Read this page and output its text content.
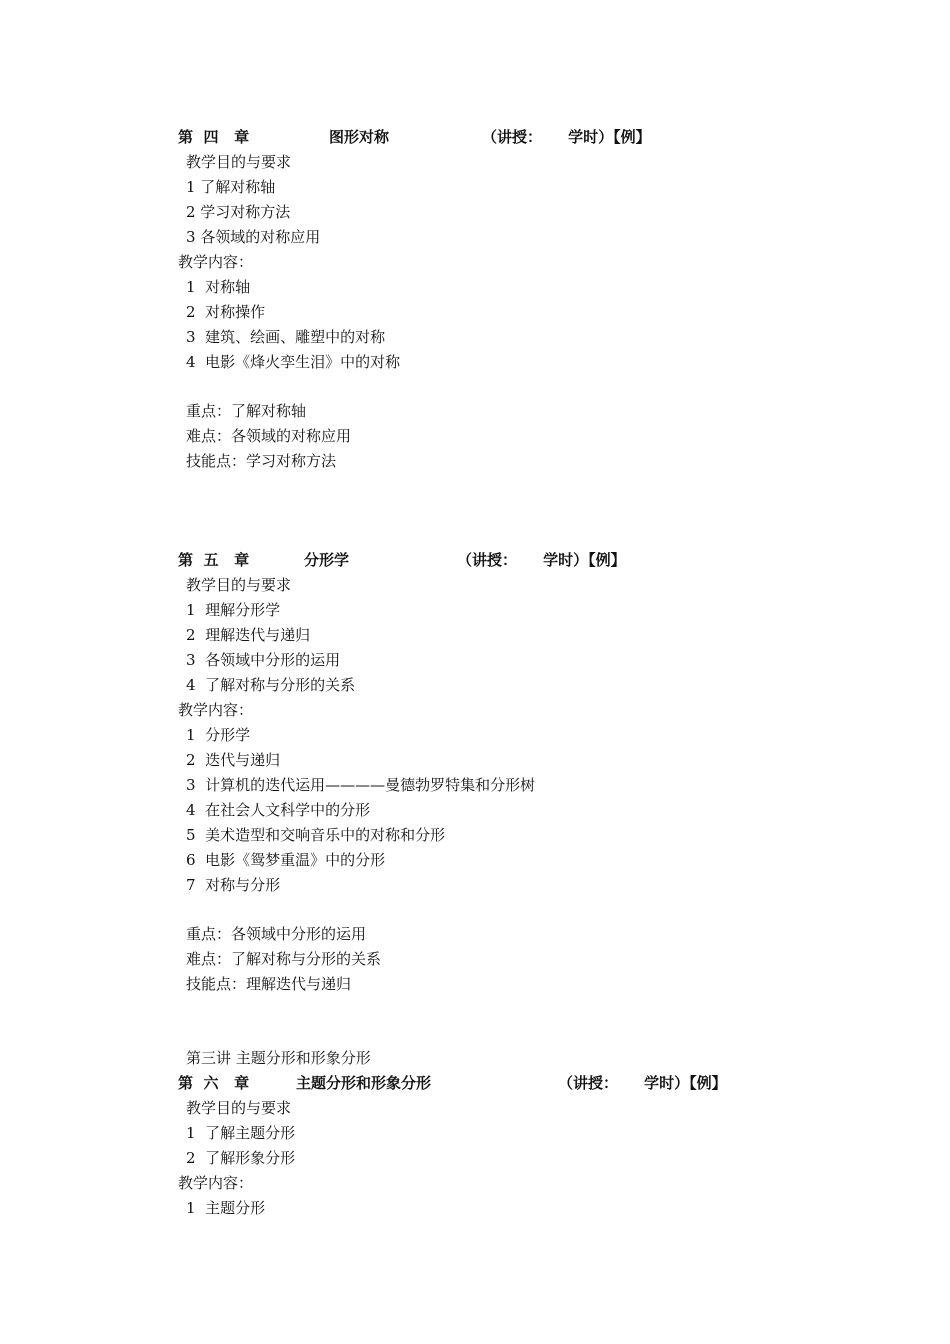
第  四   章	图形对称	（讲授：     学时）【例】
教学目的与要求
1 了解对称轴
2 学习对称方法
3 各领域的对称应用
教学内容：
1  对称轴
2  对称操作
3  建筑、绘画、雕塑中的对称
4  电影《烽火孪生泪》中的对称
重点：了解对称轴
难点：各领域的对称应用
技能点：学习对称方法
第  五   章	分形学	（讲授：     学时）【例】
教学目的与要求
1  理解分形学
2  理解迭代与递归
3  各领域中分形的运用
4  了解对称与分形的关系
教学内容：
1  分形学
2  迭代与递归
3  计算机的迭代运用————曼德勃罗特集和分形树
4  在社会人文科学中的分形
5  美术造型和交响音乐中的对称和分形
6  电影《鸳梦重温》中的分形
7  对称与分形
重点：各领域中分形的运用
难点：了解对称与分形的关系
技能点：理解迭代与递归
第三讲 主题分形和形象分形
第  六   章	主题分形和形象分形	（讲授：     学时）【例】
教学目的与要求
1  了解主题分形
2  了解形象分形
教学内容：
1  主题分形
